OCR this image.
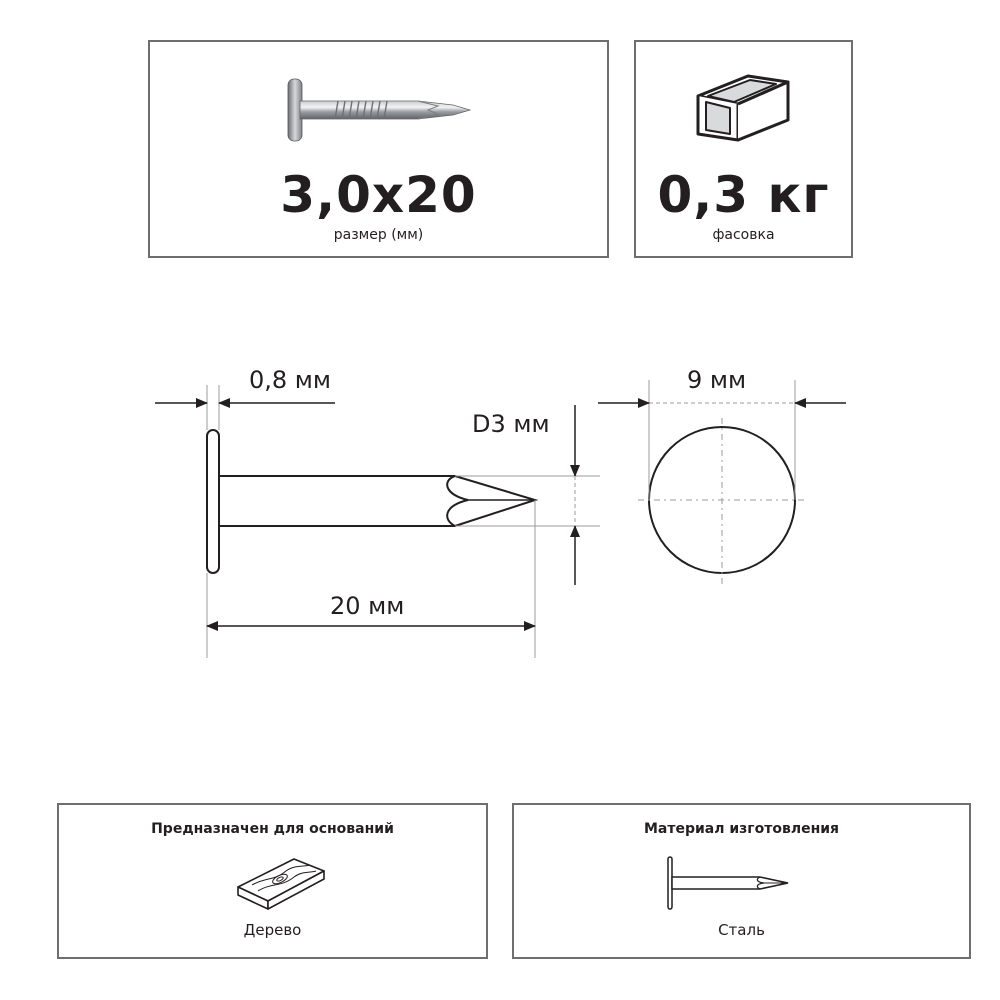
3,0х20
размер (мм)
0,3 кг
фасовка
0,8 мм
D3 мм
20 мм
9 мм
Предназначен для оснований
Дерево
Материал изготовления
Сталь
